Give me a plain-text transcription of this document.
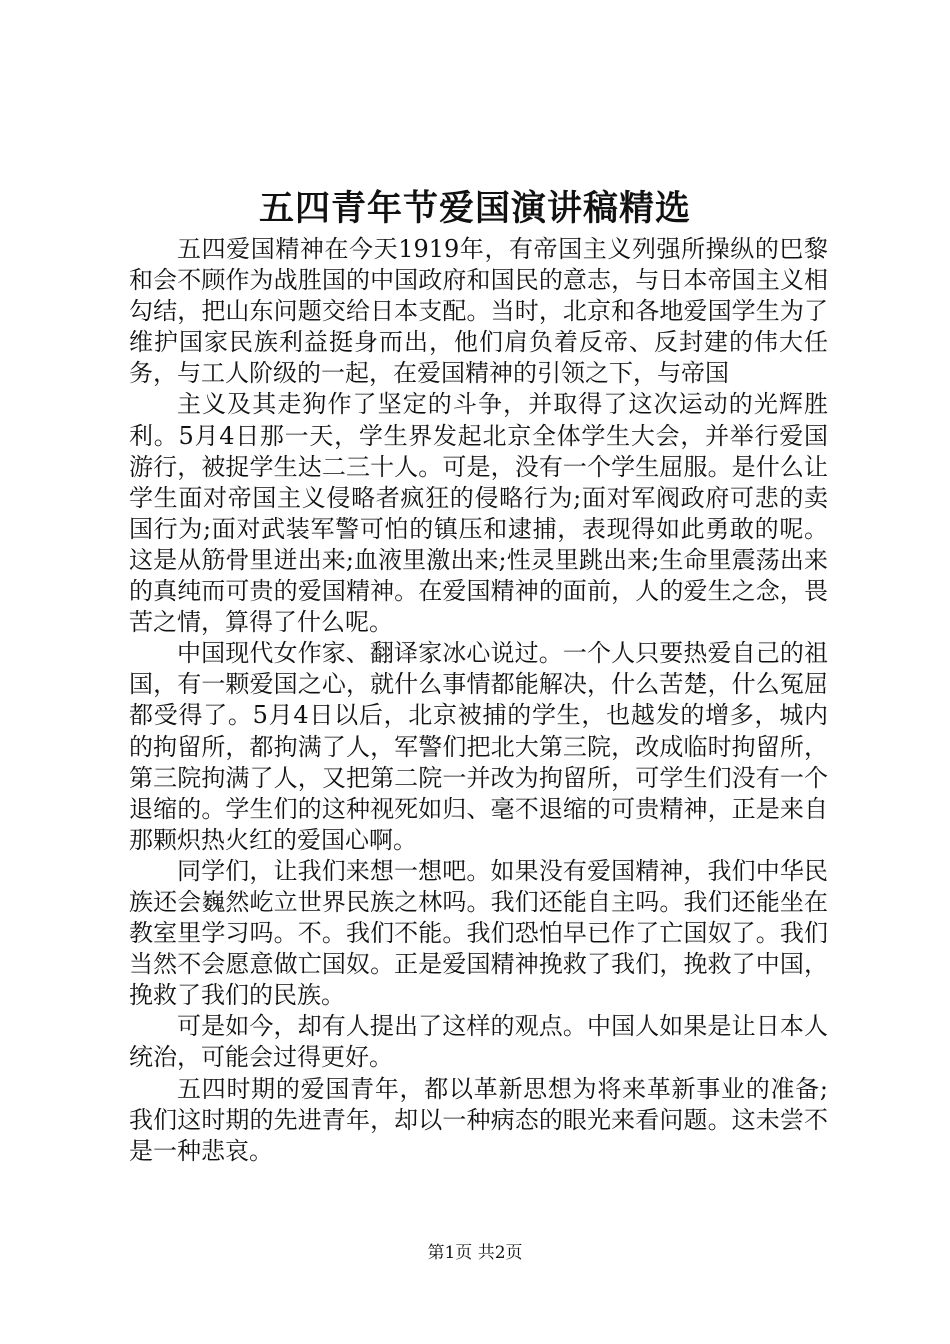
五四青年节爱国演讲稿精选

五四爱国精神在今天1919年，有帝国主义列强所操纵的巴黎和会不顾作为战胜国的中国政府和国民的意志，与日本帝国主义相勾结，把山东问题交给日本支配。当时，北京和各地爱国学生为了维护国家民族利益挺身而出，他们肩负着反帝、反封建的伟大任务，与工人阶级的一起，在爱国精神的引领之下，与帝国

主义及其走狗作了坚定的斗争，并取得了这次运动的光辉胜利。5月4日那一天，学生界发起北京全体学生大会，并举行爱国游行，被捉学生达二三十人。可是，没有一个学生屈服。是什么让学生面对帝国主义侵略者疯狂的侵略行为;面对军阀政府可悲的卖国行为;面对武装军警可怕的镇压和逮捕，表现得如此勇敢的呢。这是从筋骨里迸出来;血液里激出来;性灵里跳出来;生命里震荡出来的真纯而可贵的爱国精神。在爱国精神的面前，人的爱生之念，畏苦之情，算得了什么呢。

中国现代女作家、翻译家冰心说过。一个人只要热爱自己的祖国，有一颗爱国之心，就什么事情都能解决，什么苦楚，什么冤屈都受得了。5月4日以后，北京被捕的学生，也越发的增多，城内的拘留所，都拘满了人，军警们把北大第三院，改成临时拘留所，第三院拘满了人，又把第二院一并改为拘留所，可学生们没有一个退缩的。学生们的这种视死如归、毫不退缩的可贵精神，正是来自那颗炽热火红的爱国心啊。

同学们，让我们来想一想吧。如果没有爱国精神，我们中华民族还会巍然屹立世界民族之林吗。我们还能自主吗。我们还能坐在教室里学习吗。不。我们不能。我们恐怕早已作了亡国奴了。我们当然不会愿意做亡国奴。正是爱国精神挽救了我们，挽救了中国，挽救了我们的民族。

可是如今，却有人提出了这样的观点。中国人如果是让日本人统治，可能会过得更好。

五四时期的爱国青年，都以革新思想为将来革新事业的准备;我们这时期的先进青年，却以一种病态的眼光来看问题。这未尝不是一种悲哀。

第1页 共2页
